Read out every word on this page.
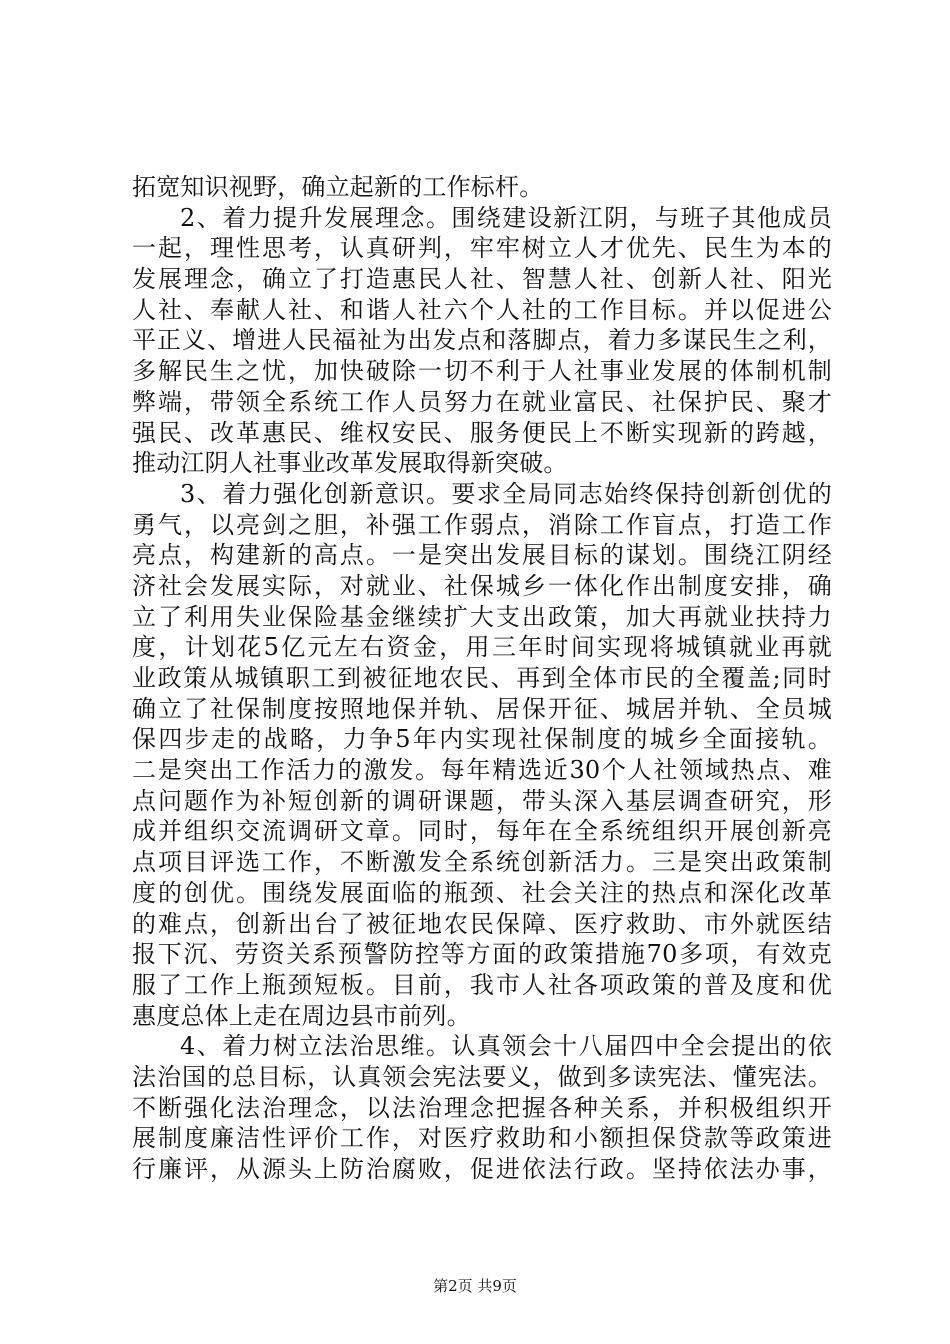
拓宽知识视野，确立起新的工作标杆。
2、着力提升发展理念。围绕建设新江阴，与班子其他成员
一起，理性思考，认真研判，牢牢树立人才优先、民生为本的
发展理念，确立了打造惠民人社、智慧人社、创新人社、阳光
人社、奉献人社、和谐人社六个人社的工作目标。并以促进公
平正义、增进人民福祉为出发点和落脚点，着力多谋民生之利，
多解民生之忧，加快破除一切不利于人社事业发展的体制机制
弊端，带领全系统工作人员努力在就业富民、社保护民、聚才
强民、改革惠民、维权安民、服务便民上不断实现新的跨越，
推动江阴人社事业改革发展取得新突破。
3、着力强化创新意识。要求全局同志始终保持创新创优的
勇气，以亮剑之胆，补强工作弱点，消除工作盲点，打造工作
亮点，构建新的高点。一是突出发展目标的谋划。围绕江阴经
济社会发展实际，对就业、社保城乡一体化作出制度安排，确
立了利用失业保险基金继续扩大支出政策，加大再就业扶持力
度，计划花5亿元左右资金，用三年时间实现将城镇就业再就
业政策从城镇职工到被征地农民、再到全体市民的全覆盖;同时
确立了社保制度按照地保并轨、居保开征、城居并轨、全员城
保四步走的战略，力争5年内实现社保制度的城乡全面接轨。
二是突出工作活力的激发。每年精选近30个人社领域热点、难
点问题作为补短创新的调研课题，带头深入基层调查研究，形
成并组织交流调研文章。同时，每年在全系统组织开展创新亮
点项目评选工作，不断激发全系统创新活力。三是突出政策制
度的创优。围绕发展面临的瓶颈、社会关注的热点和深化改革
的难点，创新出台了被征地农民保障、医疗救助、市外就医结
报下沉、劳资关系预警防控等方面的政策措施70多项，有效克
服了工作上瓶颈短板。目前，我市人社各项政策的普及度和优
惠度总体上走在周边县市前列。
4、着力树立法治思维。认真领会十八届四中全会提出的依
法治国的总目标，认真领会宪法要义，做到多读宪法、懂宪法。
不断强化法治理念，以法治理念把握各种关系，并积极组织开
展制度廉洁性评价工作，对医疗救助和小额担保贷款等政策进
行廉评，从源头上防治腐败，促进依法行政。坚持依法办事，
第2页 共9页
